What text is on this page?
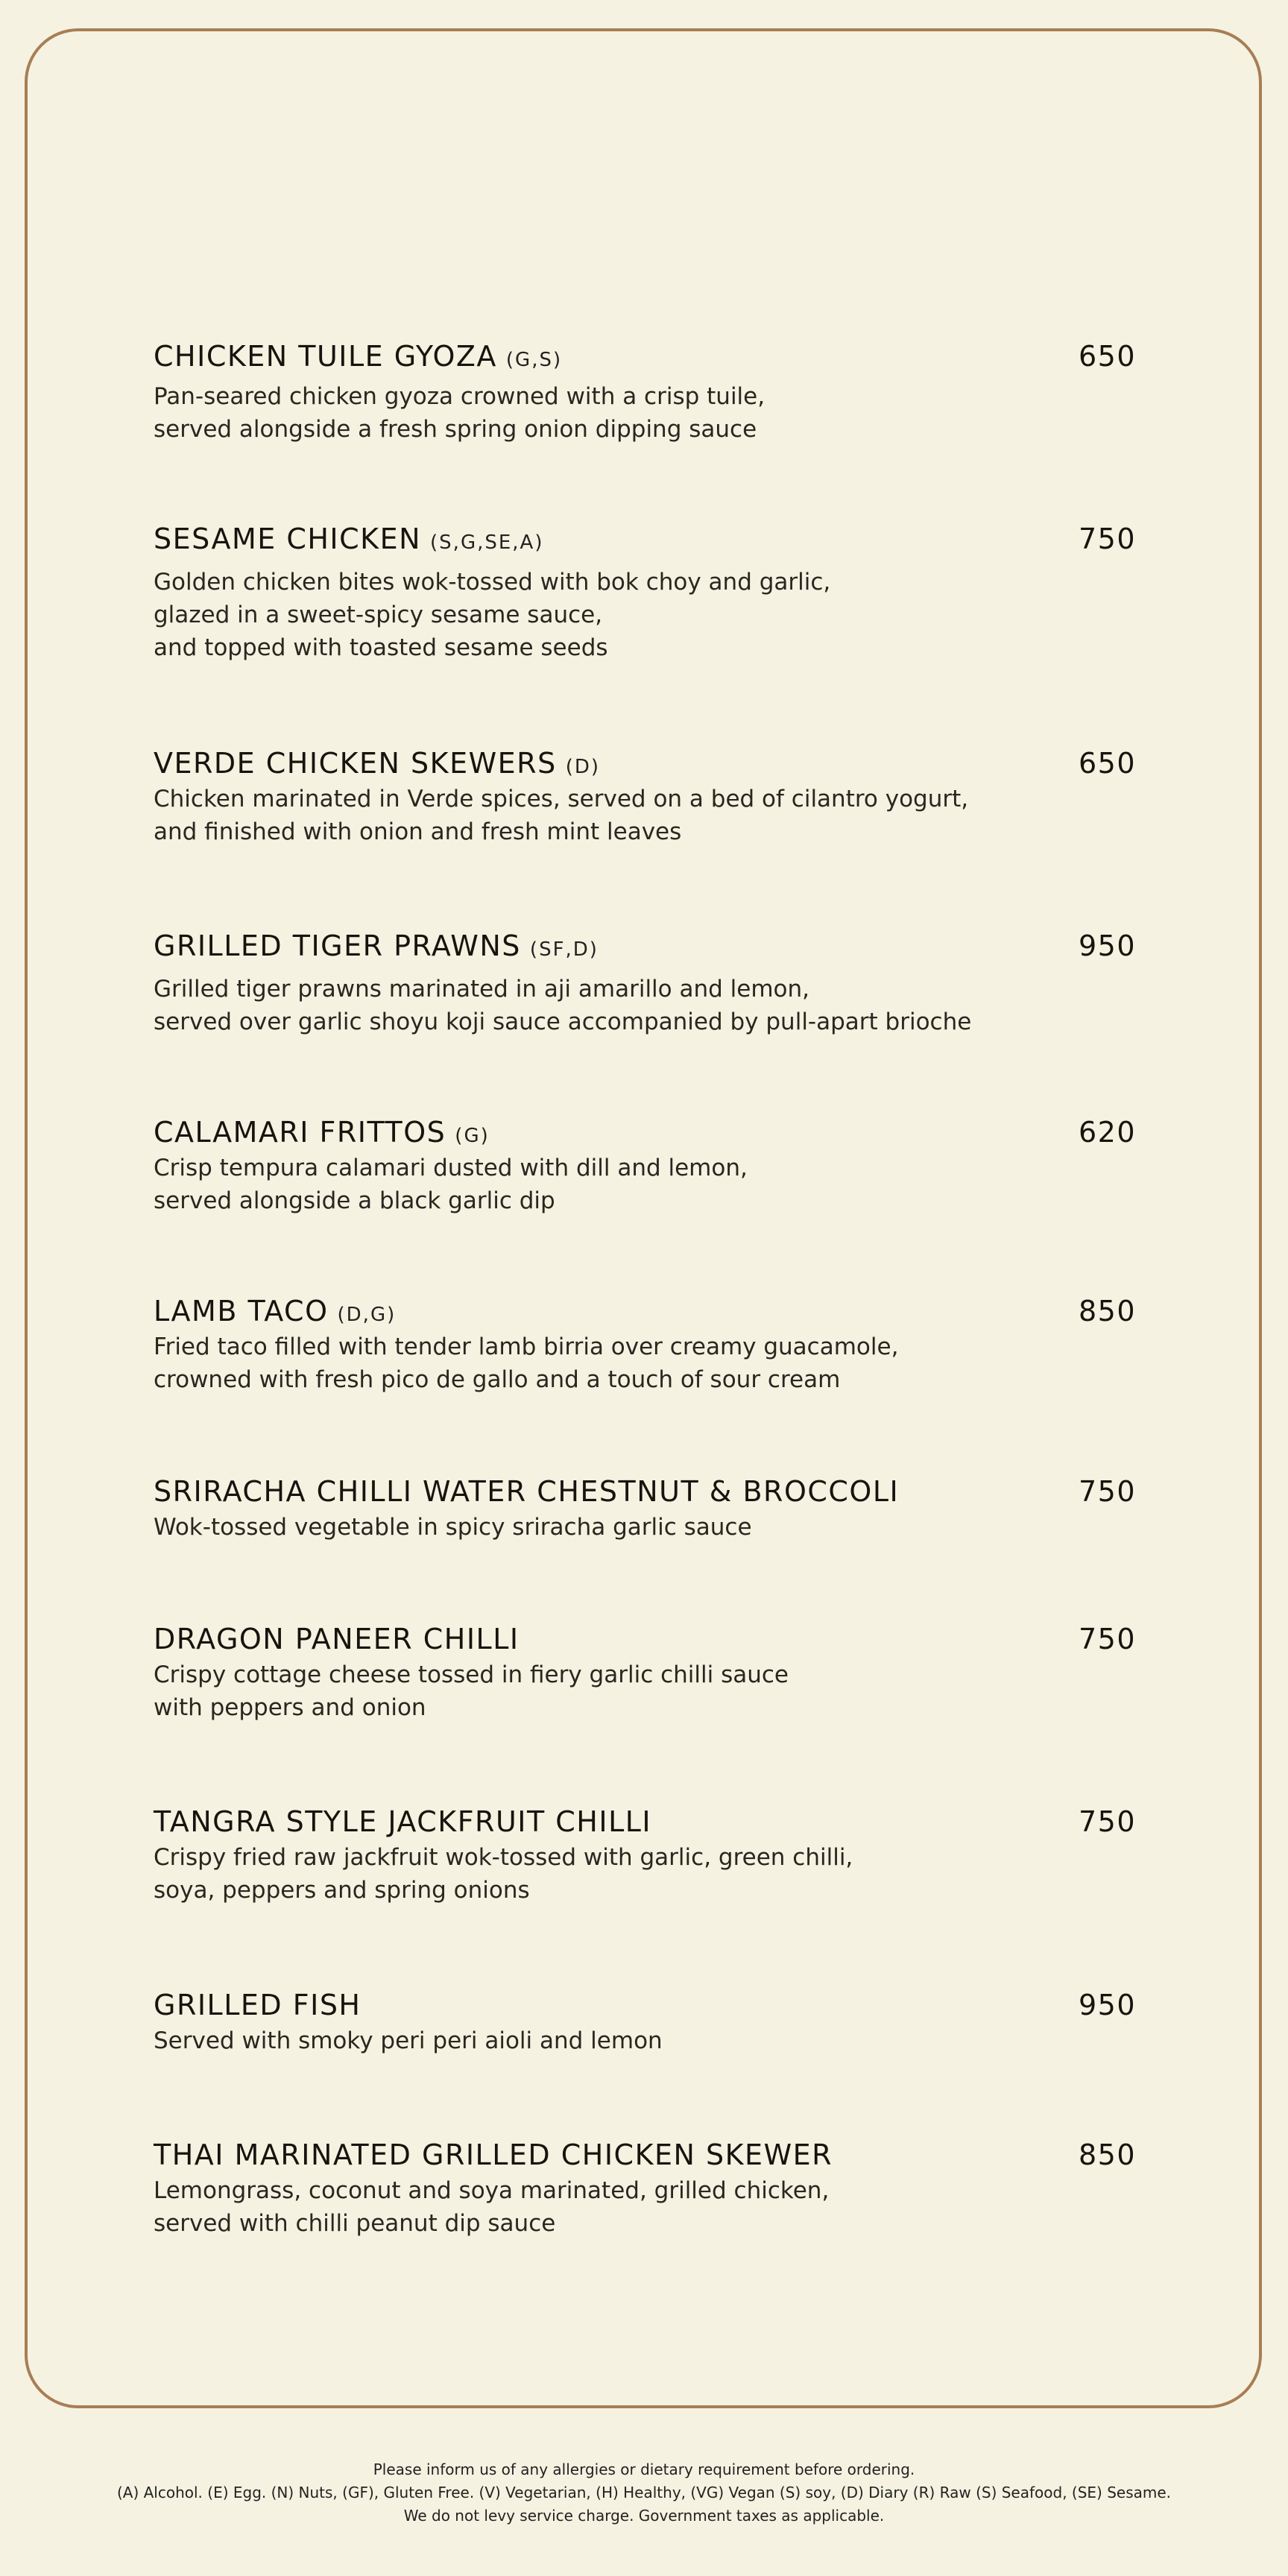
CHICKEN TUILE GYOZA (G,S)	650
Pan-seared chicken gyoza crowned with a crisp tuile,
served alongside a fresh spring onion dipping sauce
SESAME CHICKEN (S,G,SE,A)	750
Golden chicken bites wok-tossed with bok choy and garlic,
glazed in a sweet-spicy sesame sauce,
and topped with toasted sesame seeds
VERDE CHICKEN SKEWERS (D)	650
Chicken marinated in Verde spices, served on a bed of cilantro yogurt,
and finished with onion and fresh mint leaves
GRILLED TIGER PRAWNS (SF,D)	950
Grilled tiger prawns marinated in aji amarillo and lemon,
served over garlic shoyu koji sauce accompanied by pull-apart brioche
CALAMARI FRITTOS (G)	620
Crisp tempura calamari dusted with dill and lemon,
served alongside a black garlic dip
LAMB TACO (D,G)	850
Fried taco filled with tender lamb birria over creamy guacamole,
crowned with fresh pico de gallo and a touch of sour cream
SRIRACHA CHILLI WATER CHESTNUT & BROCCOLI	750
Wok-tossed vegetable in spicy sriracha garlic sauce
DRAGON PANEER CHILLI	750
Crispy cottage cheese tossed in fiery garlic chilli sauce
with peppers and onion
TANGRA STYLE JACKFRUIT CHILLI	750
Crispy fried raw jackfruit wok-tossed with garlic, green chilli,
soya, peppers and spring onions
GRILLED FISH	950
Served with smoky peri peri aioli and lemon
THAI MARINATED GRILLED CHICKEN SKEWER	850
Lemongrass, coconut and soya marinated, grilled chicken,
served with chilli peanut dip sauce
Please inform us of any allergies or dietary requirement before ordering.
(A) Alcohol. (E) Egg. (N) Nuts, (GF), Gluten Free. (V) Vegetarian, (H) Healthy, (VG) Vegan (S) soy, (D) Diary (R) Raw (S) Seafood, (SE) Sesame.
We do not levy service charge. Government taxes as applicable.
